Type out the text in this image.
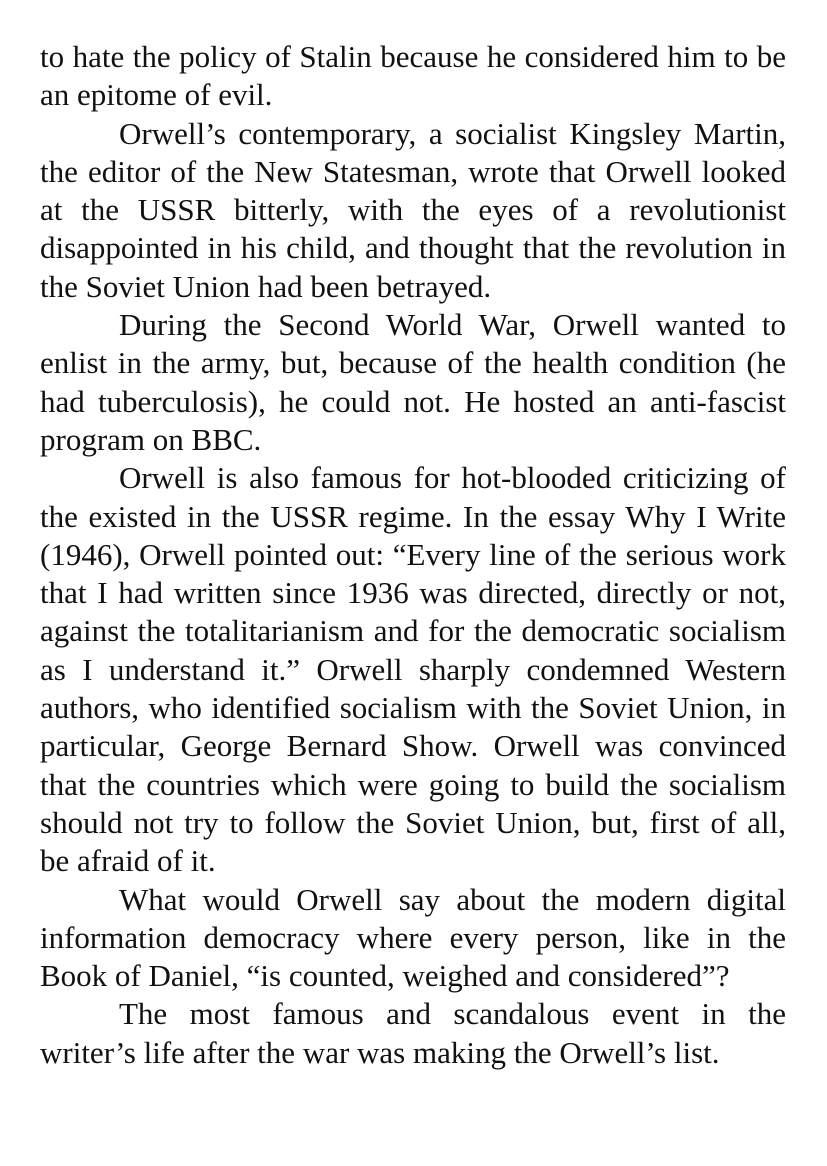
to hate the policy of Stalin because he considered him to be an epitome of evil.

Orwell’s contemporary, a socialist Kingsley Martin, the editor of the New Statesman, wrote that Orwell looked at the USSR bitterly, with the eyes of a revolutionist disappointed in his child, and thought that the revolution in the Soviet Union had been betrayed.

During the Second World War, Orwell wanted to enlist in the army, but, because of the health condition (he had tuberculosis), he could not. He hosted an anti-fascist program on BBC.

Orwell is also famous for hot-blooded criticizing of the existed in the USSR regime. In the essay Why I Write (1946), Orwell pointed out: “Every line of the serious work that I had written since 1936 was directed, directly or not, against the totalitarianism and for the democratic socialism as I understand it.” Orwell sharply condemned Western authors, who identified socialism with the Soviet Union, in particular, George Bernard Show. Orwell was convinced that the countries which were going to build the socialism should not try to follow the Soviet Union, but, first of all, be afraid of it.

What would Orwell say about the modern digital information democracy where every person, like in the Book of Daniel, “is counted, weighed and considered”?

The most famous and scandalous event in the writer’s life after the war was making the Orwell’s list.
